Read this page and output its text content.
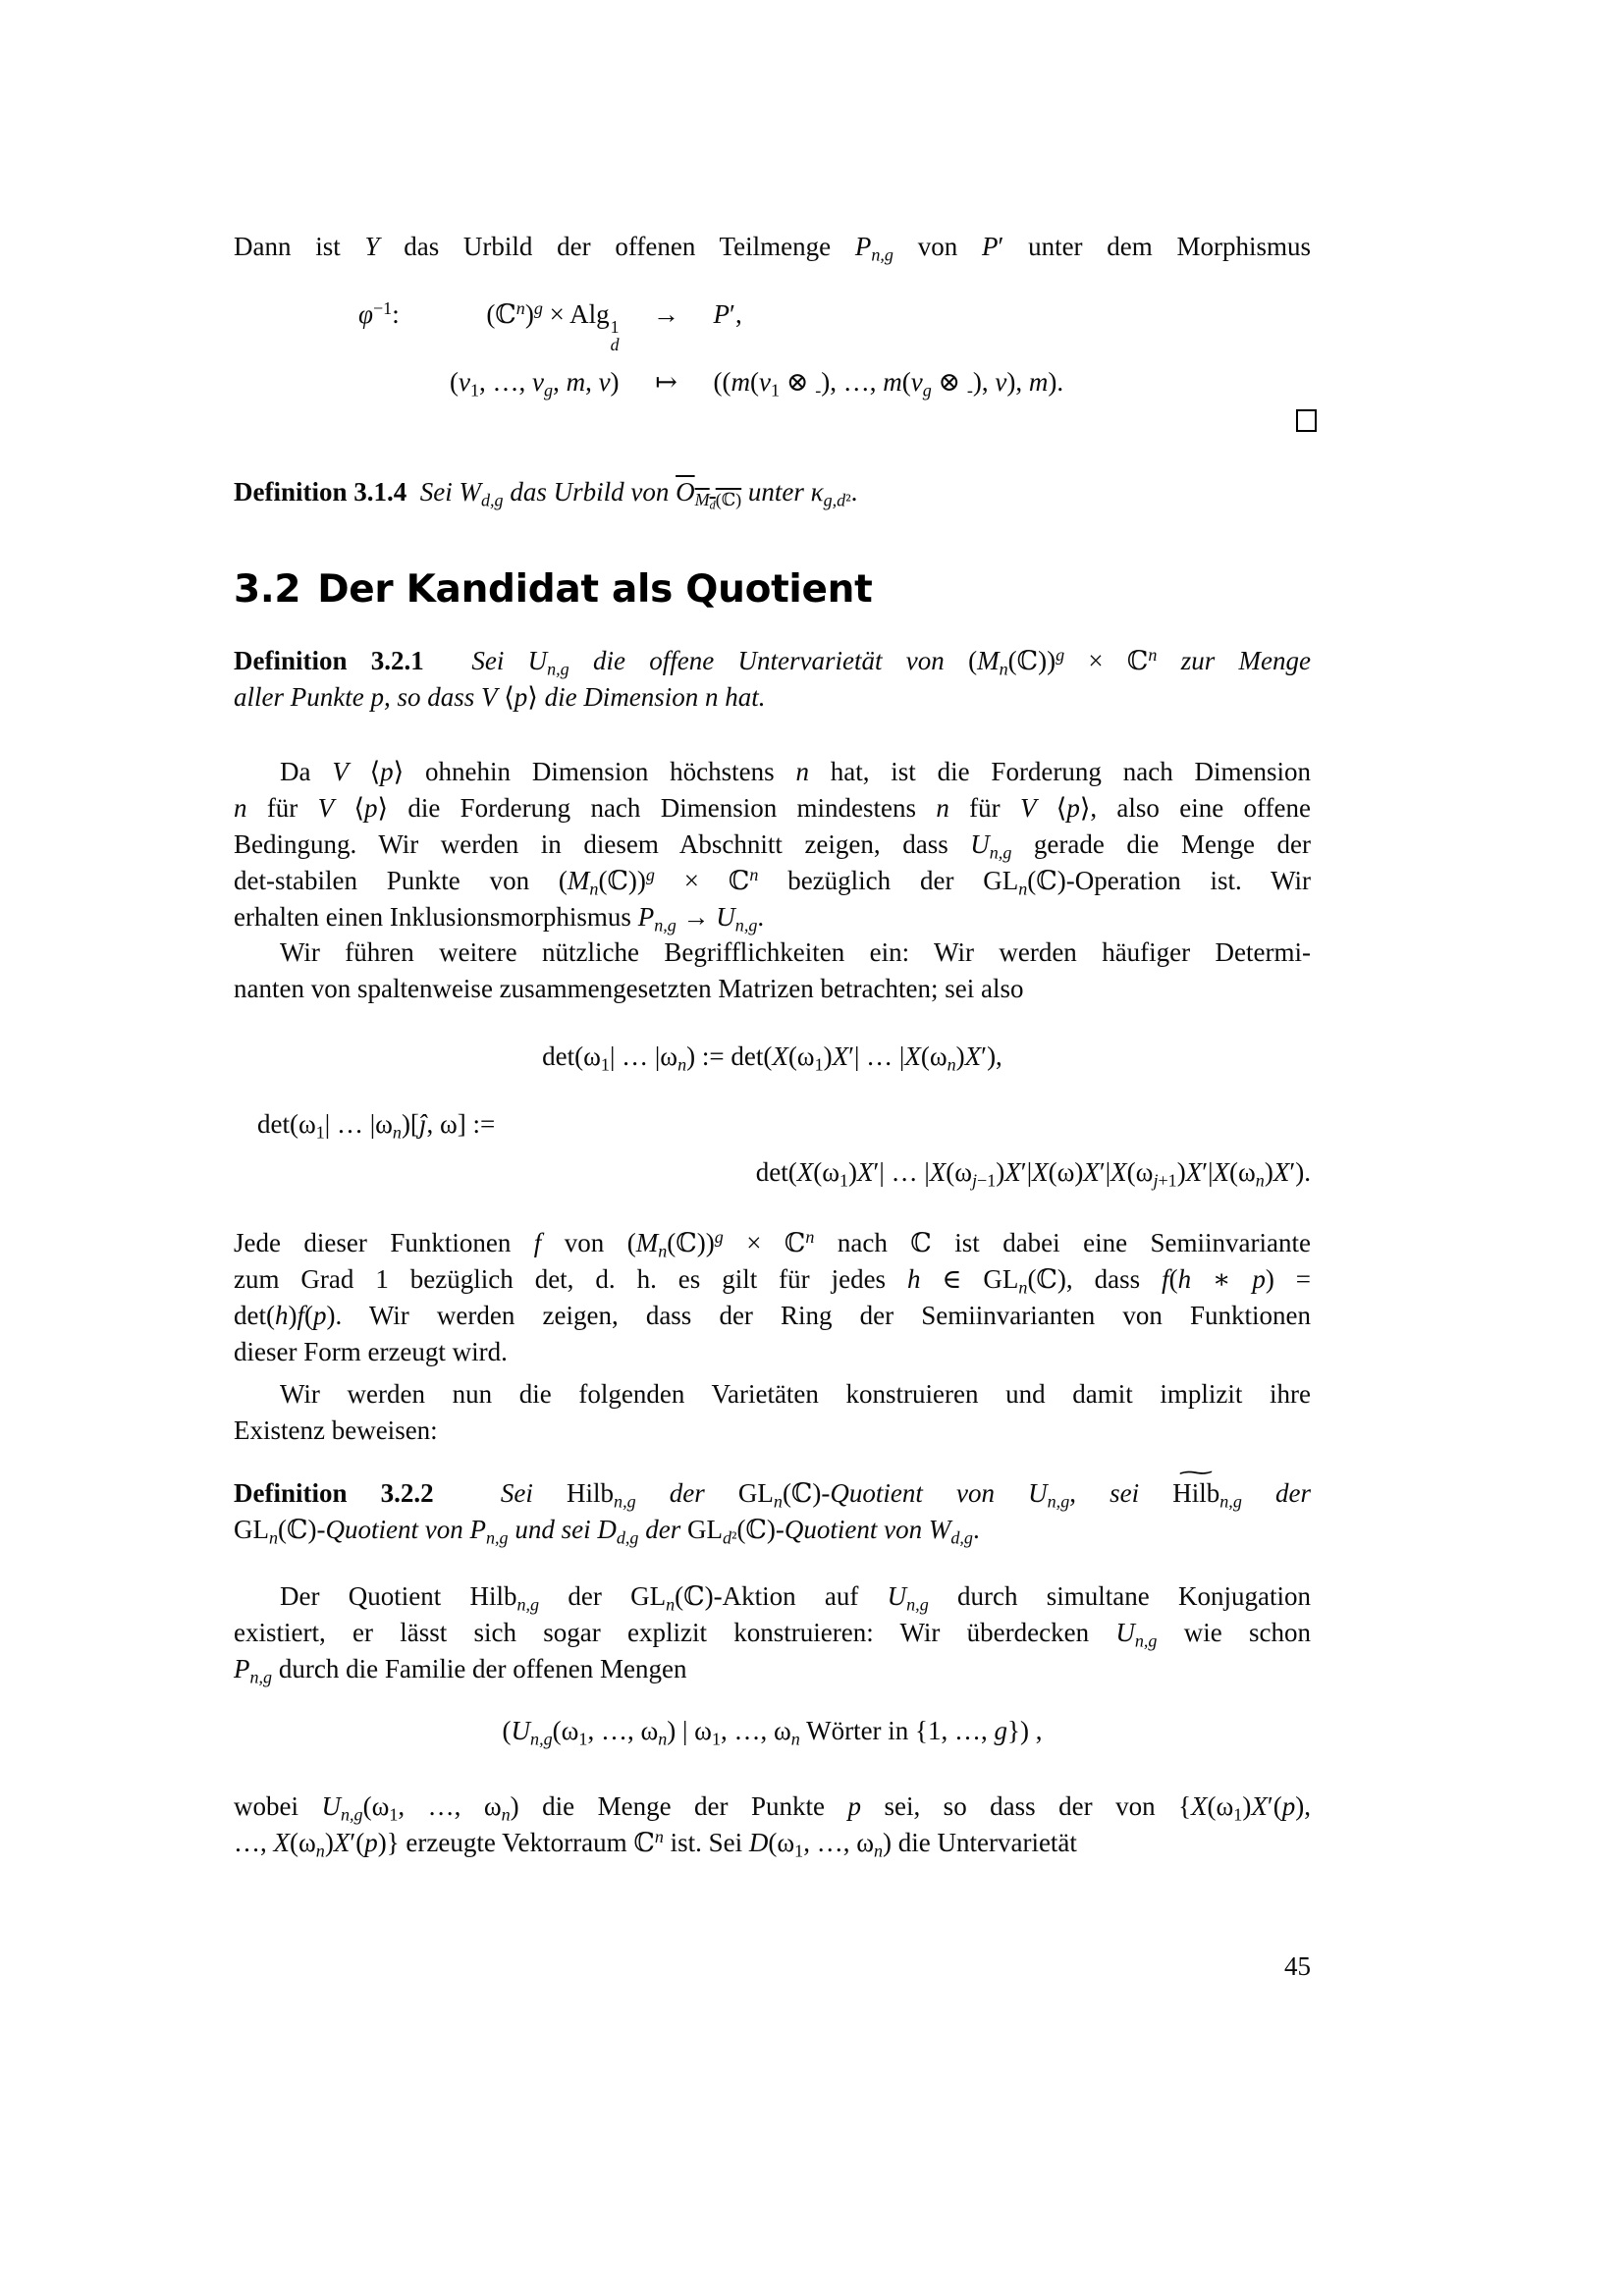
Dann ist Y das Urbild der offenen Teilmenge $P_{n,g}$ von P′ unter dem Morphismus
$\varphi^{-1}$:	(ℂ$^n$)$^g$ × Alg 1
d
→ P′,
($v_1$, …, $v_g$, m, v) ↦ (($m(v_1$ ⊗ $_-$), …, $m(v_g$ ⊗ $_-$), v), m).
Definition 3.1.4 Sei $W_{d,g}$ das Urbild von $O_{M_d(ℂ)}$ unter $\kappa_{g,d^2}$.
3.2 Der Kandidat als Quotient
Definition 3.2.1 Sei $U_{n,g}$ die offene Untervarietät von $(M_n(ℂ))^g$ × ℂ$^n$ zur Menge
aller Punkte p, so dass V ⟨p⟩ die Dimension n hat.
Da V ⟨p⟩ ohnehin Dimension höchstens n hat, ist die Forderung nach Dimension
n für V ⟨p⟩ die Forderung nach Dimension mindestens n für V ⟨p⟩, also eine offene
Bedingung. Wir werden in diesem Abschnitt zeigen, dass $U_{n,g}$ gerade die Menge der
det-stabilen Punkte von $(M_n(ℂ))^g$ × ℂ$^n$ bezüglich der $GL_n(ℂ)$-Operation ist. Wir
erhalten einen Inklusionsmorphismus $P_{n,g} \to U_{n,g}$.
Wir führen weitere nützliche Begrifflichkeiten ein: Wir werden häufiger Determi-
nanten von spaltenweise zusammengesetzten Matrizen betrachten; sei also
$\det(\omega_1|$ … $|\omega_n$) := $\det(X(\omega_1)X'|$ … $|X(\omega_n)X'$),
$\det(\omega_1|$ … $|\omega_n)[ĵ$, ω] :=
$\det(X(\omega_1)X'|$ … $|X(\omega_{j-1})X'|X(\omega)X'|X(\omega_{j+1})X'|X(\omega_n)X'$).
Jede dieser Funktionen f von $(M_n(ℂ))^g$ × ℂ$^n$ nach ℂ ist dabei eine Semiinvariante
zum Grad 1 bezüglich det, d. h. es gilt für jedes h ∈ $GL_n(ℂ)$, dass f(h ∗ p) =
det(h)f(p). Wir werden zeigen, dass der Ring der Semiinvarianten von Funktionen
dieser Form erzeugt wird.
Wir werden nun die folgenden Varietäten konstruieren und damit implizit ihre
Existenz beweisen:
Definition 3.2.2	Sei Hilb$_{n,g}$ der $GL_n(ℂ)$-Quotient von $U_{n,g}$, sei Hilb
∼
$_{n,g}$ der
$GL_n(ℂ)$-Quotient von $P_{n,g}$ und sei $D_{d,g}$ der $GL_{d^2}(ℂ)$-Quotient von $W_{d,g}$.
Der Quotient Hilb$_{n,g}$ der $GL_n(ℂ)$-Aktion auf $U_{n,g}$ durch simultane Konjugation
existiert, er lässt sich sogar explizit konstruieren: Wir überdecken $U_{n,g}$ wie schon
$P_{n,g}$ durch die Familie der offenen Mengen
($U_{n,g}(\omega_1$, …, $\omega_n$) | $\omega_1$, …, $\omega_n$ Wörter in {1, …, g}) ,
wobei $U_{n,g}(\omega_1$, …, $\omega_n$) die Menge der Punkte p sei, so dass der von {$X(\omega_1)X'(p)$,
…, $X(\omega_n)X'(p)$} erzeugte Vektorraum ℂ$^n$ ist. Sei $D(\omega_1$, …, $\omega_n$) die Untervarietät
45
